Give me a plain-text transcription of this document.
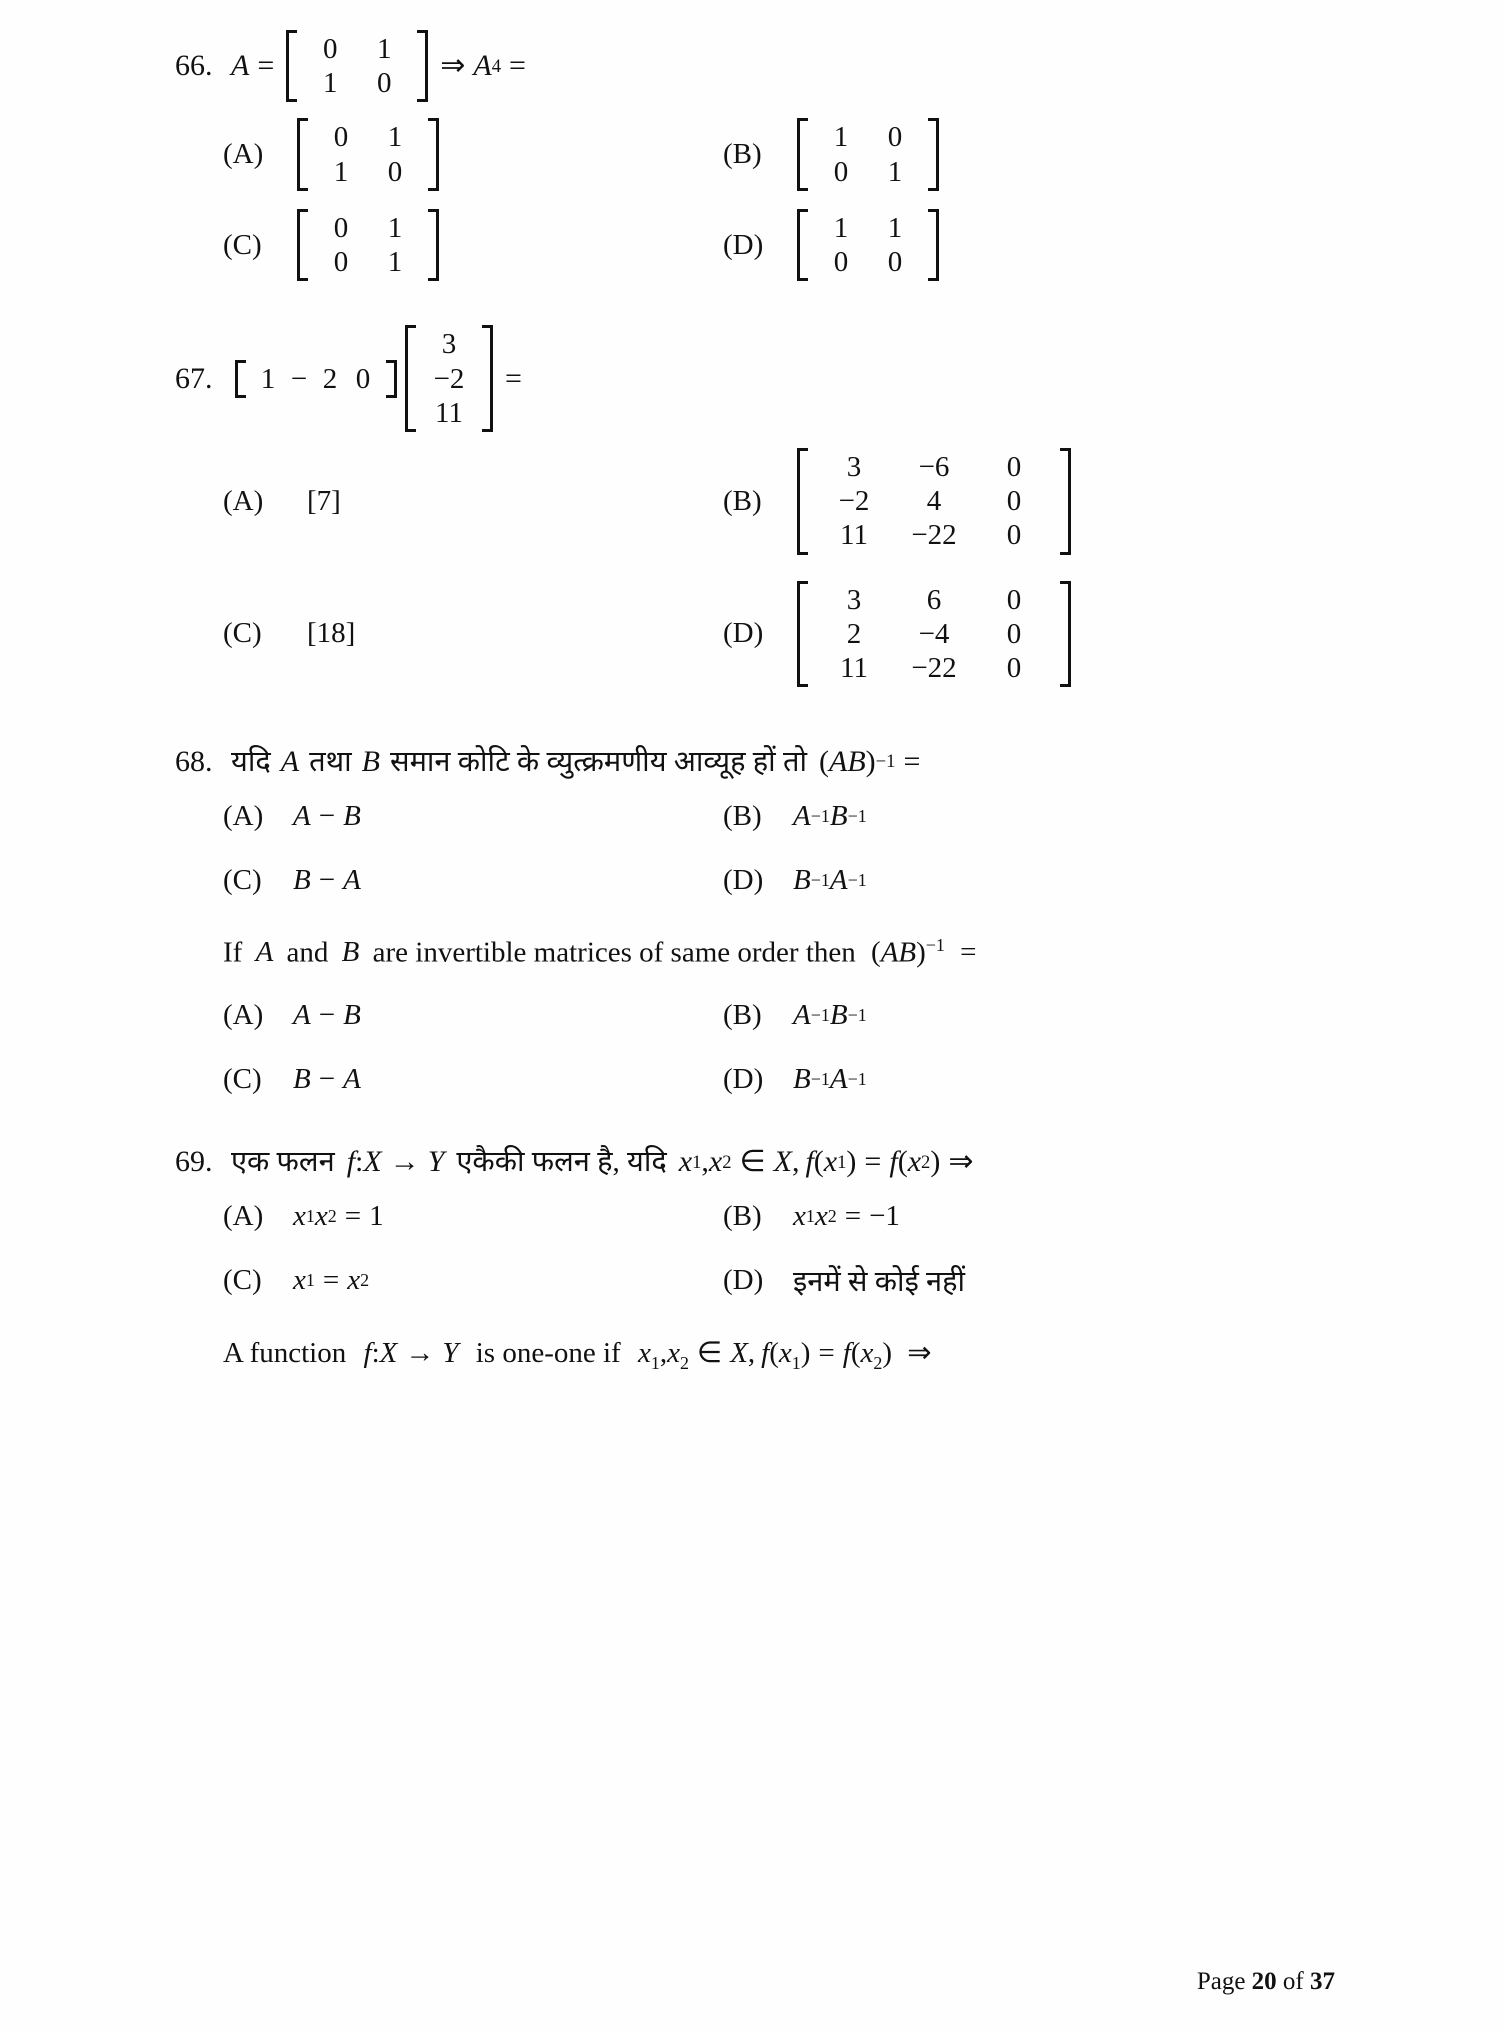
66. A =
0	1
1	0
⇒ A 4 =
(A)
0	1
1	0
(B)
1	0
0	1
(C)
0	1
0	1
(D)
1	1
0	0
67.	1 − 2 0
3
−2
11
=
(A)	[7]	(B)
3	−6	0
−2	4	0
11	−22	0
(C)	[18]	(D)
3	6	0
2	−4	0
11	−22	0
68. यदि A तथा B समान कोटि के व्युत्क्रमणीय आव्यूह हों तो ( AB ) −1 =
(A)	A − B	(B)	A −1 B −1
(C)	B − A	(D)	B −1 A −1
If A and B are invertible matrices of same order then (AB)$^{-1}$ =
(A)	A − B	(B)	A −1 B −1
(C)	B − A	(D)	B −1 A −1
69. एक फलन f : X → Y एकैकी फलन है, यदि x 1 , x 2 ∈ X , f ( x 1 ) = f ( x 2 ) ⇒
(A)	x 1 x 2 = 1	(B)	x 1 x 2 = −1
(C)	x 1 = x 2	(D)	इनमें से कोई नहीं
A function f:X → Y is one-one if $x_1,x_2$ ∈ X, $f(x_1) = f(x_2)$ ⇒
Page 20 of 37
